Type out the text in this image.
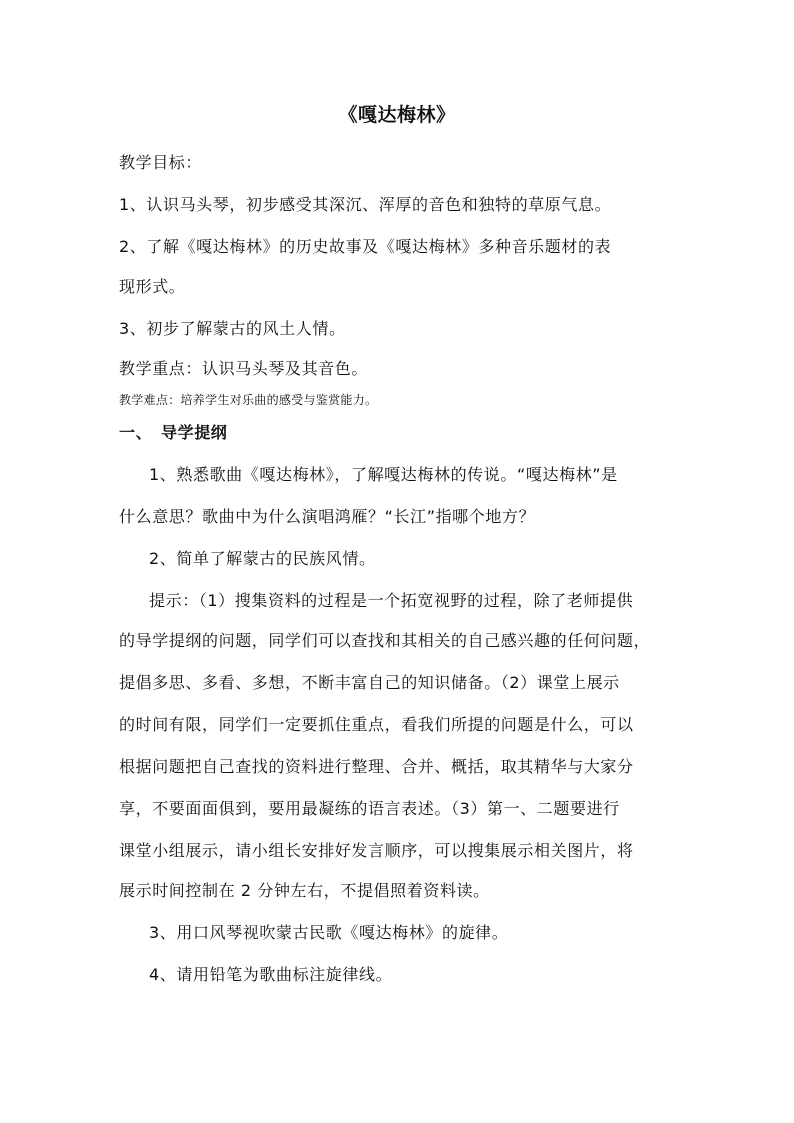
《嘎达梅林》
教学目标：
1、认识马头琴，初步感受其深沉、浑厚的音色和独特的草原气息。
2、了解《嘎达梅林》的历史故事及《嘎达梅林》多种音乐题材的表
现形式。
3、初步了解蒙古的风土人情。
教学重点：认识马头琴及其音色。
教学难点：培养学生对乐曲的感受与鉴赏能力。
一、 导学提纲
1、熟悉歌曲《嘎达梅林》，了解嘎达梅林的传说。“嘎达梅林”是
什么意思？歌曲中为什么演唱鸿雁？“长江”指哪个地方？
2、简单了解蒙古的民族风情。
提示：（1）搜集资料的过程是一个拓宽视野的过程，除了老师提供
的导学提纲的问题，同学们可以查找和其相关的自己感兴趣的任何问题，
提倡多思、多看、多想，不断丰富自己的知识储备。（2）课堂上展示
的时间有限，同学们一定要抓住重点，看我们所提的问题是什么，可以
根据问题把自己查找的资料进行整理、合并、概括，取其精华与大家分
享，不要面面俱到，要用最凝练的语言表述。（3）第一、二题要进行
课堂小组展示，请小组长安排好发言顺序，可以搜集展示相关图片，将
展示时间控制在 2 分钟左右，不提倡照着资料读。
3、用口风琴视吹蒙古民歌《嘎达梅林》的旋律。
4、请用铅笔为歌曲标注旋律线。
